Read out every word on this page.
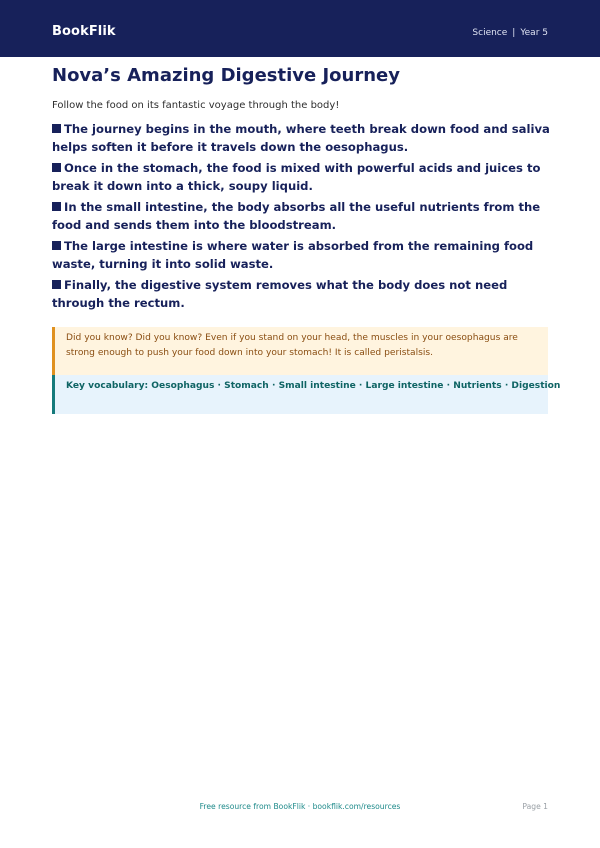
BookFlik	Science | Year 5
Nova’s Amazing Digestive Journey
Follow the food on its fantastic voyage through the body!

The journey begins in the mouth, where teeth break down food and saliva helps soften it before it travels down the oesophagus.

Once in the stomach, the food is mixed with powerful acids and juices to break it down into a thick, soupy liquid.

In the small intestine, the body absorbs all the useful nutrients from the food and sends them into the bloodstream.

The large intestine is where water is absorbed from the remaining food waste, turning it into solid waste.

Finally, the digestive system removes what the body does not need through the rectum.

Did you know? Did you know? Even if you stand on your head, the muscles in your oesophagus are strong enough to push your food down into your stomach! It is called peristalsis.
Key vocabulary: Oesophagus · Stomach · Small intestine · Large intestine · Nutrients · Digestion
Free resource from BookFlik · bookflik.com/resources	Page 1
